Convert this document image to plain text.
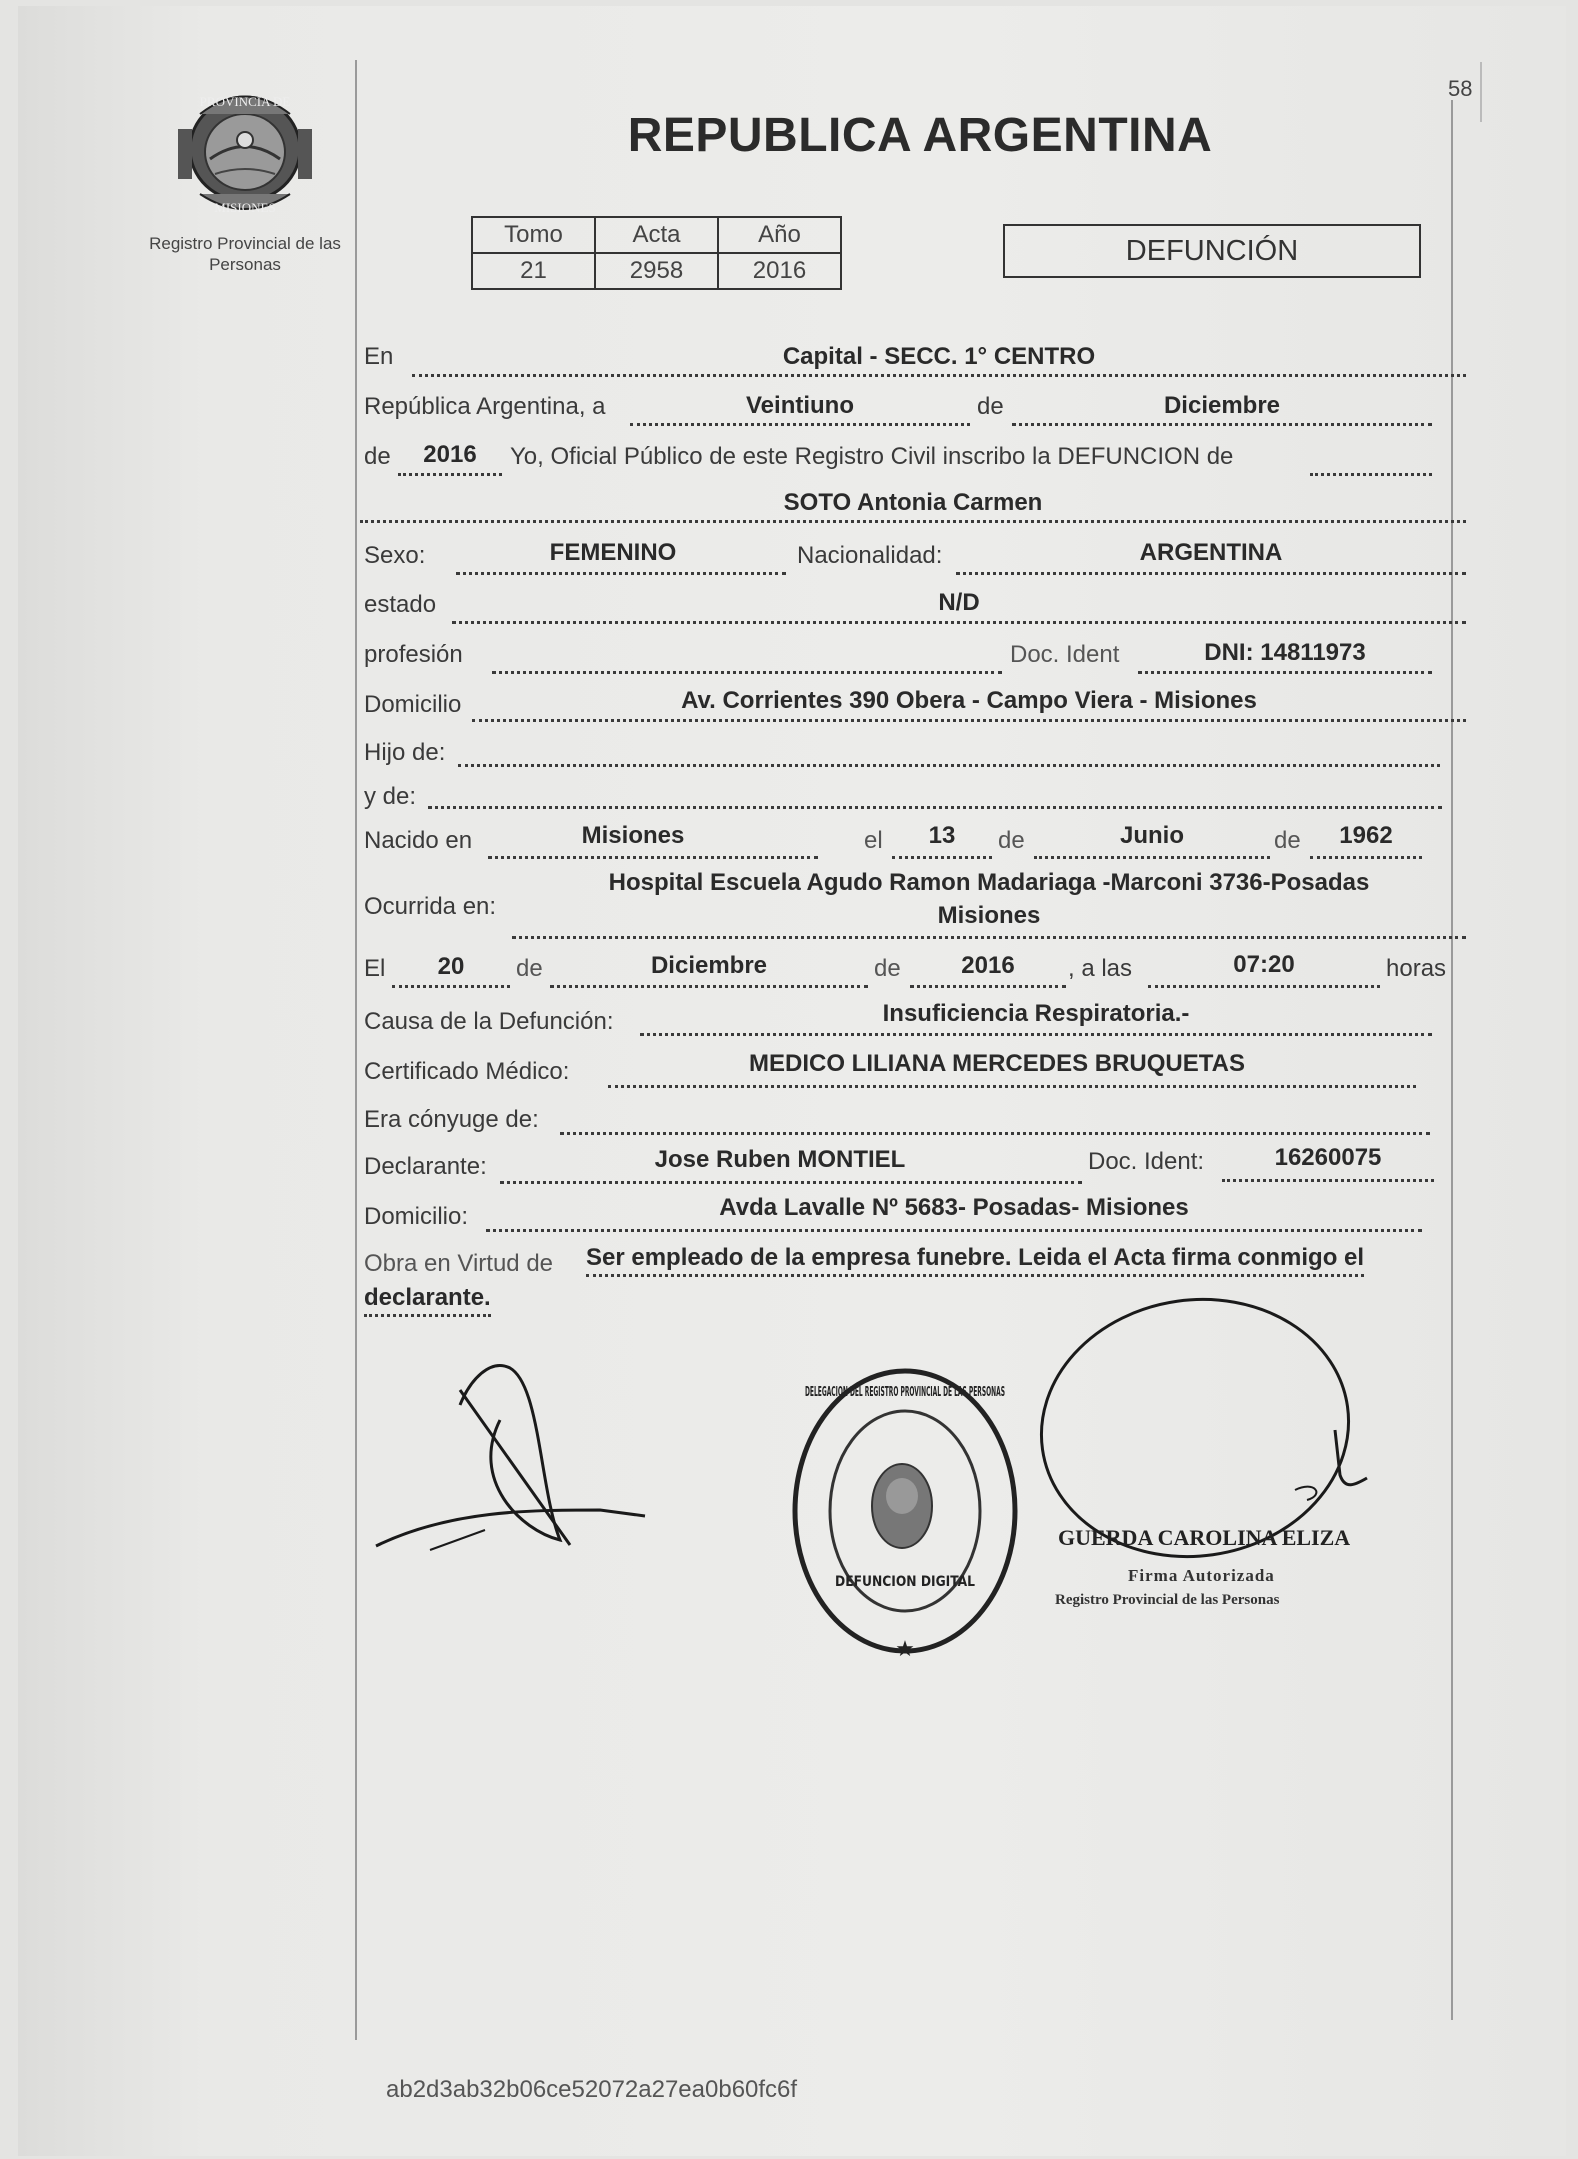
PROVINCIA DE
MISIONES
Registro Provincial de las Personas
58
REPUBLICA ARGENTINA
Tomo	Acta	Año
21	2958	2016
DEFUNCIÓN
En	Capital - SECC. 1° CENTRO
República Argentina, a	Veintiuno	de	Diciembre
de	2016	Yo, Oficial Público de este Registro Civil inscribo la DEFUNCION de
SOTO Antonia Carmen
Sexo:	FEMENINO	Nacionalidad:	ARGENTINA
estado	N/D
profesión	Doc. Ident	DNI: 14811973
Domicilio	Av. Corrientes 390 Obera - Campo Viera - Misiones
Hijo de:
y de:
Nacido en	Misiones	el	13	de	Junio	de	1962
Ocurrida en:
Hospital Escuela Agudo Ramon Madariaga -Marconi 3736-Posadas
Misiones
El	20	de	Diciembre	de	2016	, a las	07:20	horas
Causa de la Defunción:	Insuficiencia Respiratoria.-
Certificado Médico:	MEDICO LILIANA MERCEDES BRUQUETAS
Era cónyuge de:
Declarante:	Jose Ruben MONTIEL	Doc. Ident:	16260075
Domicilio:	Avda Lavalle Nº 5683- Posadas- Misiones
Obra en Virtud de Ser empleado de la empresa funebre. Leida el Acta firma conmigo el
declarante.
★
DELEGACION DEL REGISTRO PROVINCIAL DE LAS PERSONAS
DEFUNCION DIGITAL
GUERDA CAROLINA ELIZA
Firma Autorizada
Registro Provincial de las Personas
ab2d3ab32b06ce52072a27ea0b60fc6f
